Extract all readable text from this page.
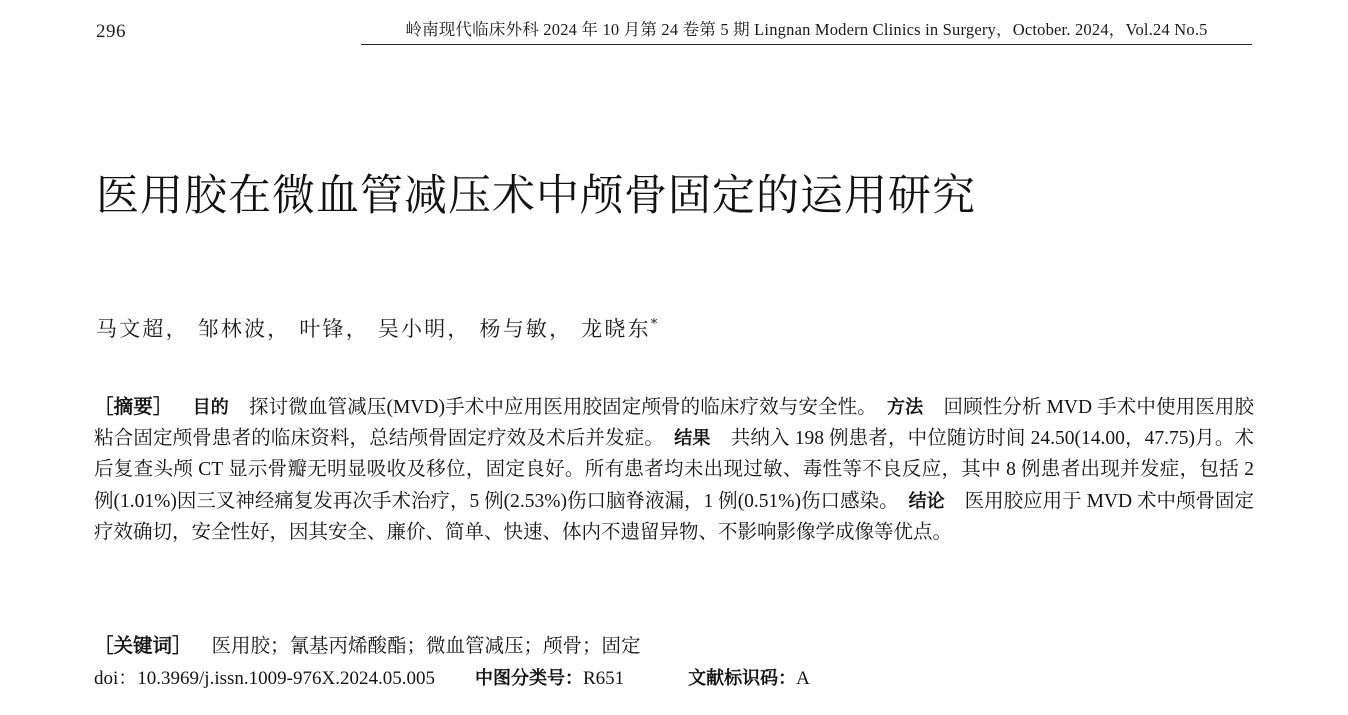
296	岭南现代临床外科 2024 年 10 月第 24 卷第 5 期 Lingnan Modern Clinics in Surgery，October. 2024，Vol.24 No.5
医用胶在微血管减压术中颅骨固定的运用研究
马文超， 邹林波， 叶锋， 吴小明， 杨与敏， 龙晓东*

［摘要］ 目的 探讨微血管减压(MVD)手术中应用医用胶固定颅骨的临床疗效与安全性。 方法 回顾性分析 MVD 手术中使用医用胶粘合固定颅骨患者的临床资料，总结颅骨固定疗效及术后并发症。 结果 共纳入 198 例患者，中位随访时间 24.50(14.00，47.75)月。术后复查头颅 CT 显示骨瓣无明显吸收及移位，固定良好。所有患者均未出现过敏、毒性等不良反应，其中 8 例患者出现并发症，包括 2 例(1.01%)因三叉神经痛复发再次手术治疗，5 例(2.53%)伤口脑脊液漏，1 例(0.51%)伤口感染。 结论 医用胶应用于 MVD 术中颅骨固定疗效确切，安全性好，因其安全、廉价、简单、快速、体内不遗留异物、不影响影像学成像等优点。

［关键词］ 医用胶；氰基丙烯酸酯；微血管减压；颅骨；固定
doi：10.3969/j.issn.1009-976X.2024.05.005 中图分类号：R651	文献标识码：A
